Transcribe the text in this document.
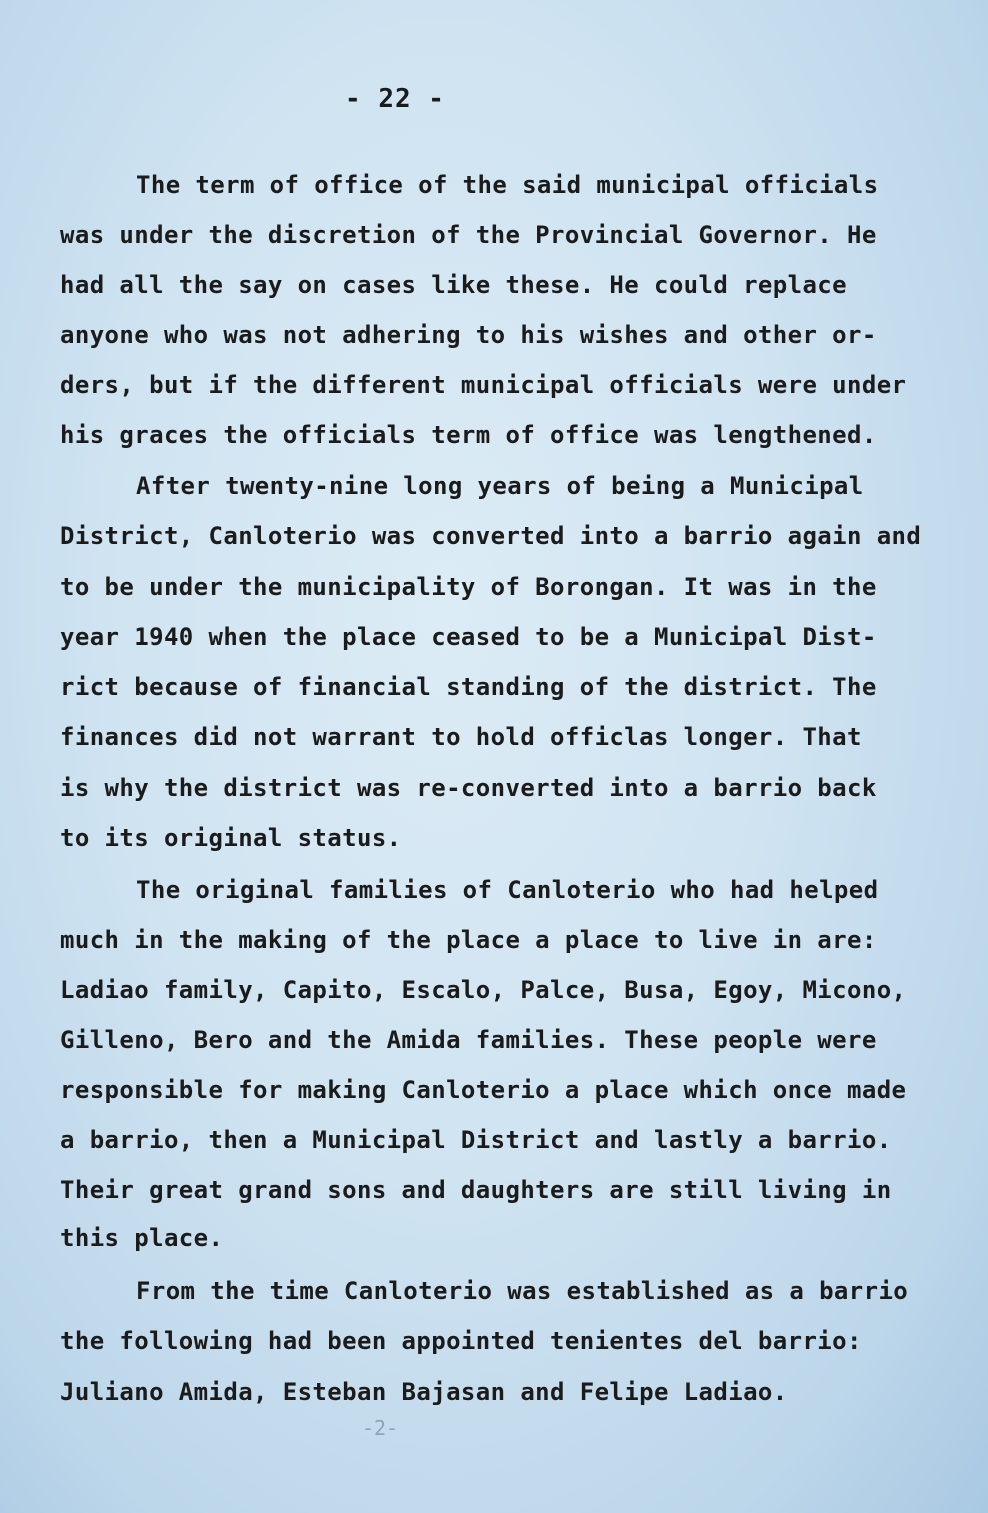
- 22 -
The term of office of the said municipal officials
was under the discretion of the Provincial Governor. He
had all the say on cases like these. He could replace
anyone who was not adhering to his wishes and other or-
ders, but if the different municipal officials were under
his graces the officials term of office was lengthened.
After twenty-nine long years of being a Municipal
District, Canloterio was converted into a barrio again and
to be under the municipality of Borongan. It was in the
year 1940 when the place ceased to be a Municipal Dist-
rict because of financial standing of the district. The
finances did not warrant to hold officlas longer. That
is why the district was re-converted into a barrio back
to its original status.
The original families of Canloterio who had helped
much in the making of the place a place to live in are:
Ladiao family, Capito, Escalo, Palce, Busa, Egoy, Micono,
Gilleno, Bero and the Amida families. These people were
responsible for making Canloterio a place which once made
a barrio, then a Municipal District and lastly a barrio.
Their great grand sons and daughters are still living in
this place.
From the time Canloterio was established as a barrio
the following had been appointed tenientes del barrio:
Juliano Amida, Esteban Bajasan and Felipe Ladiao.
-2-
